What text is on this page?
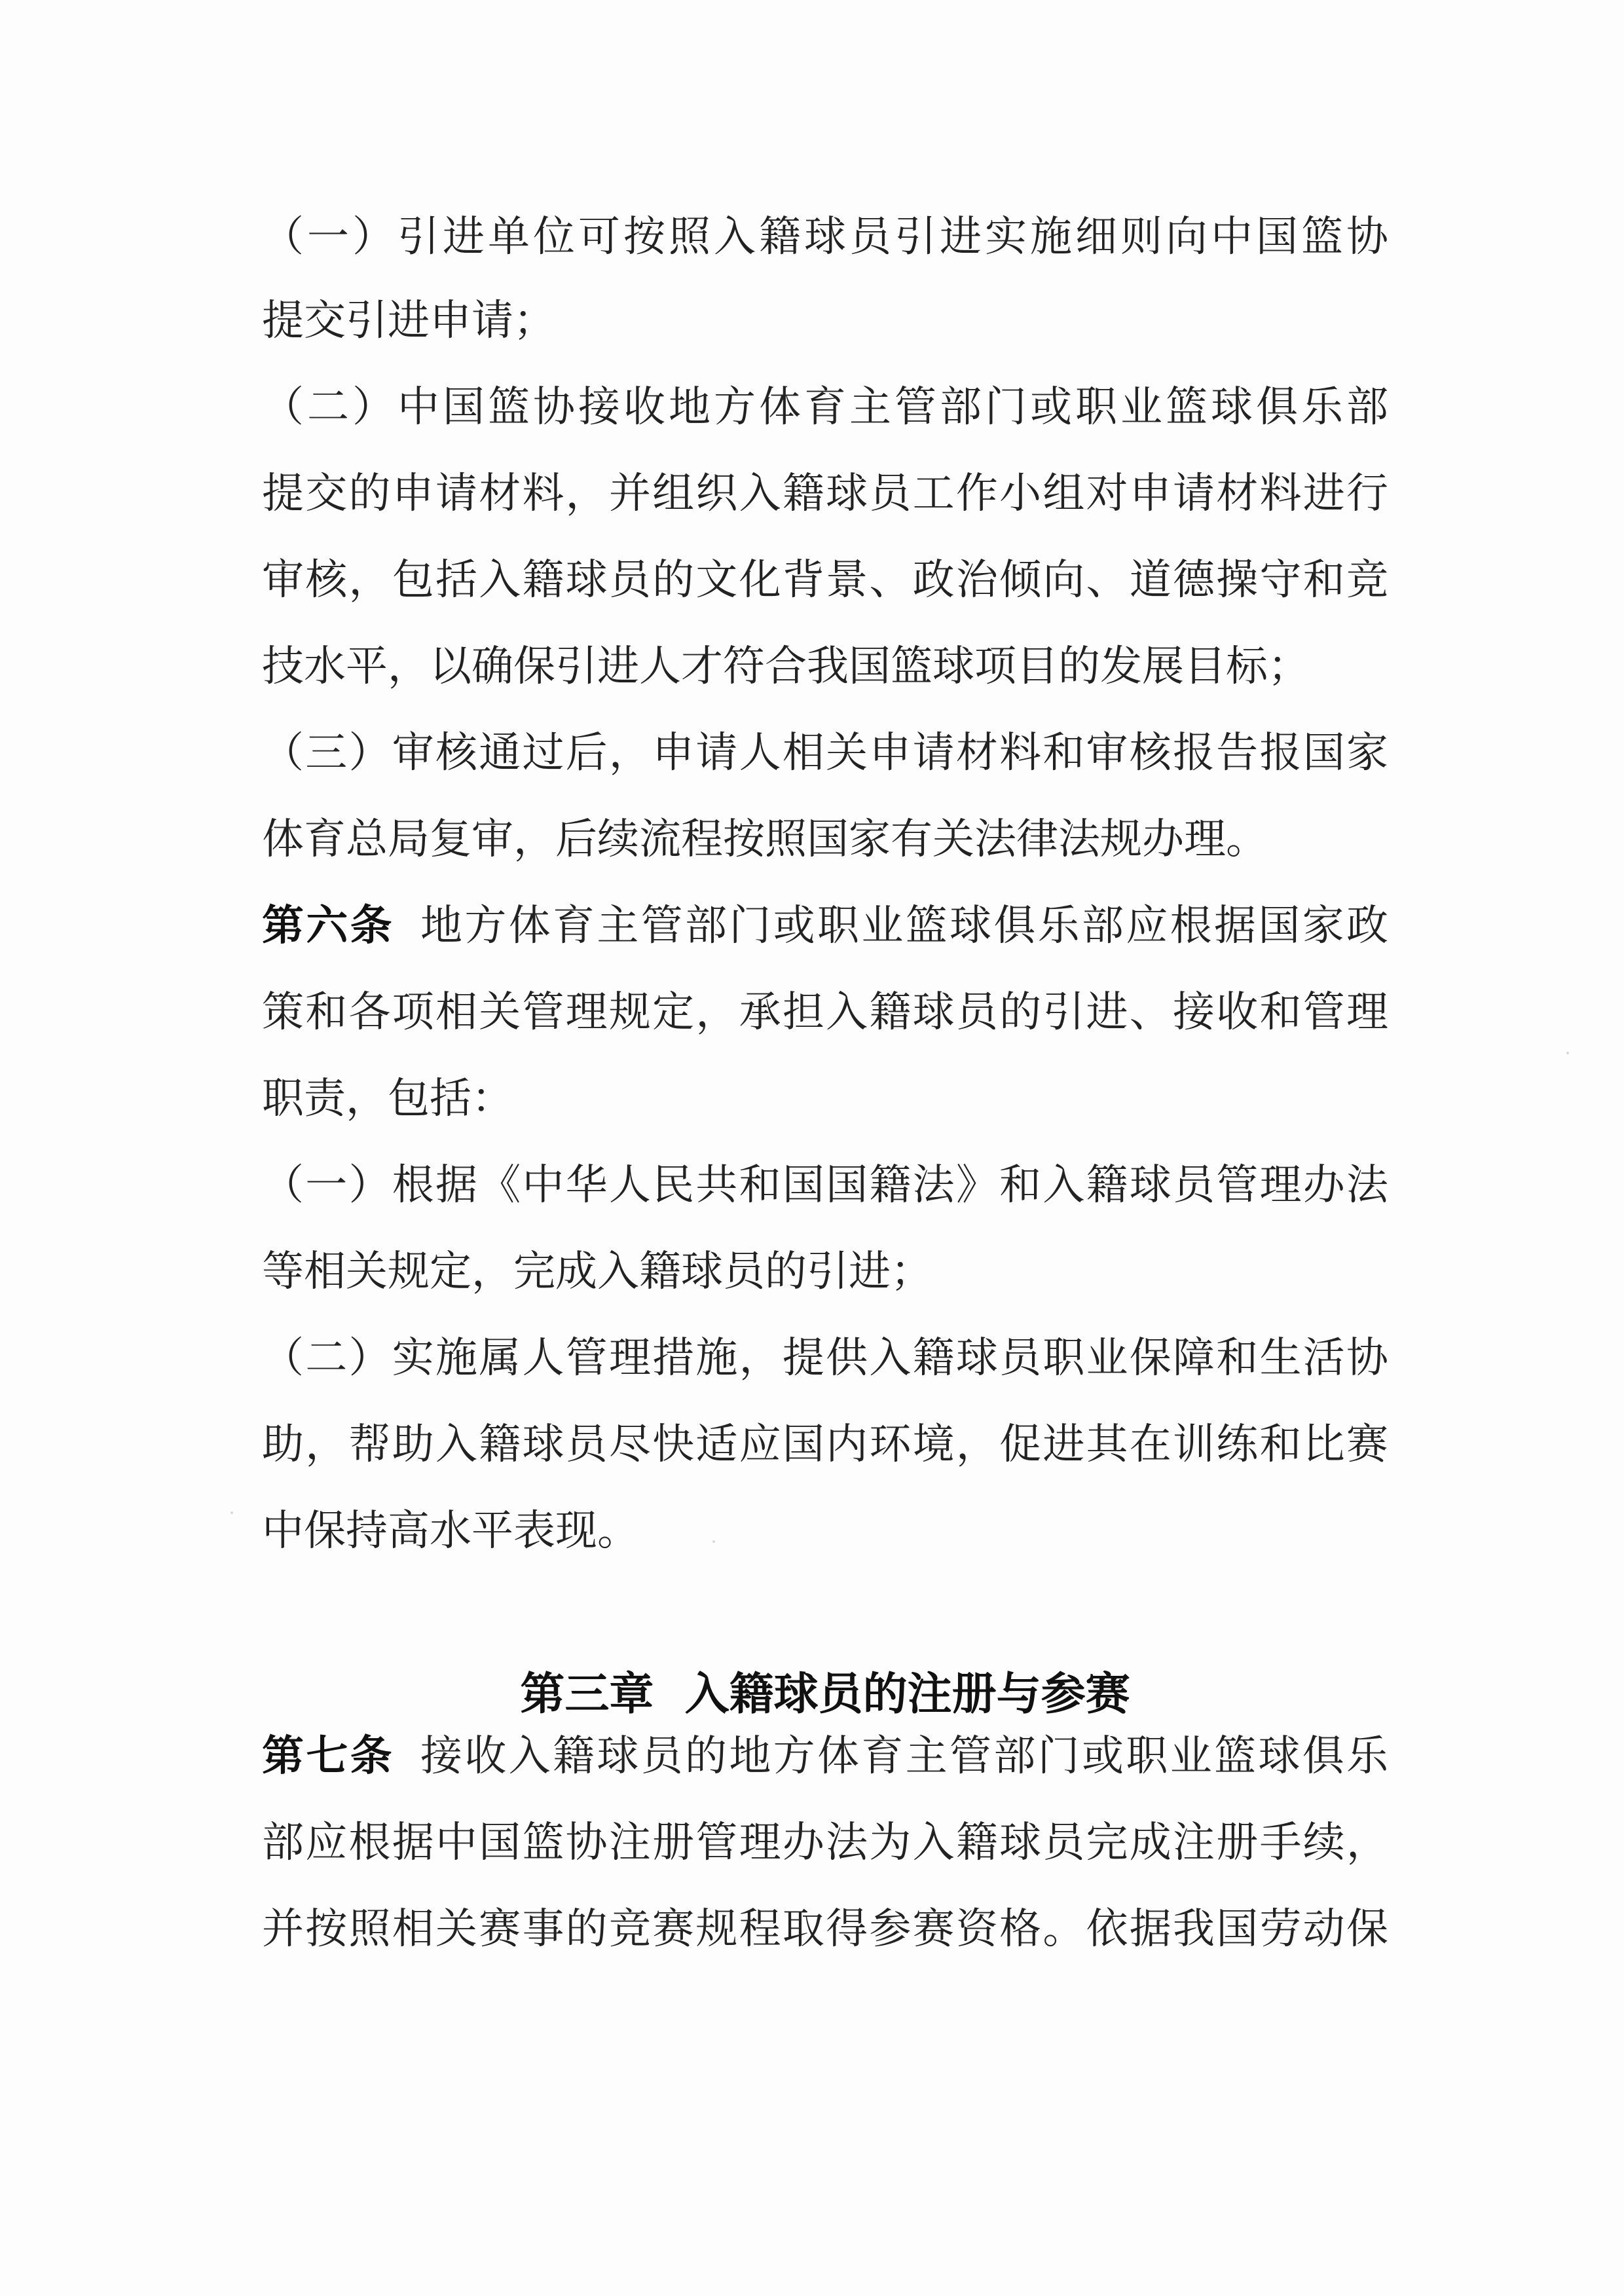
（一）引进单位可按照入籍球员引进实施细则向中国篮协

提交引进申请；

（二）中国篮协接收地方体育主管部门或职业篮球俱乐部

提交的申请材料，并组织入籍球员工作小组对申请材料进行

审核，包括入籍球员的文化背景、政治倾向、道德操守和竞

技水平，以确保引进人才符合我国篮球项目的发展目标；

（三）审核通过后，申请人相关申请材料和审核报告报国家

体育总局复审，后续流程按照国家有关法律法规办理。

第六条 地方体育主管部门或职业篮球俱乐部应根据国家政

策和各项相关管理规定，承担入籍球员的引进、接收和管理

职责，包括：

（一）根据《中华人民共和国国籍法》和入籍球员管理办法

等相关规定，完成入籍球员的引进；

（二）实施属人管理措施，提供入籍球员职业保障和生活协

助，帮助入籍球员尽快适应国内环境，促进其在训练和比赛

中保持高水平表现。

第三章  入籍球员的注册与参赛

第七条 接收入籍球员的地方体育主管部门或职业篮球俱乐

部应根据中国篮协注册管理办法为入籍球员完成注册手续，

并按照相关赛事的竞赛规程取得参赛资格。依据我国劳动保
